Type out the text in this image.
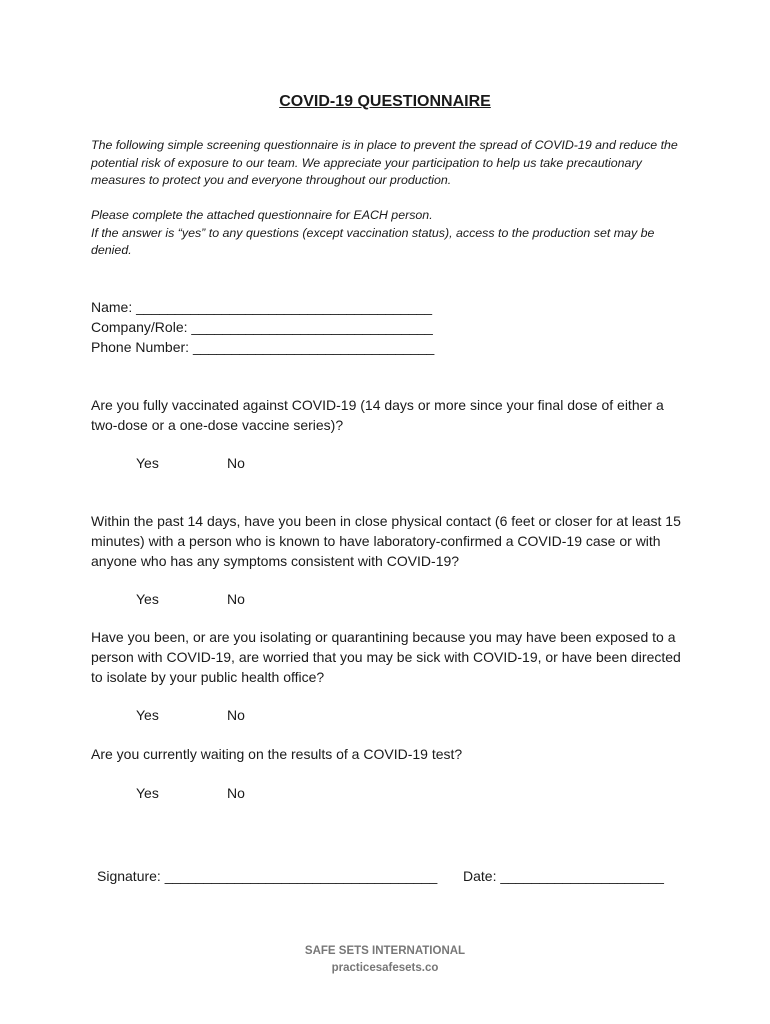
COVID-19 QUESTIONNAIRE

The following simple screening questionnaire is in place to prevent the spread of COVID-19 and reduce the potential risk of exposure to our team. We appreciate your participation to help us take precautionary measures to protect you and everyone throughout our production.

Please complete the attached questionnaire for EACH person.

If the answer is “yes” to any questions (except vaccination status), access to the production set may be denied.

Name: ______________________________________
Company/Role: _______________________________
Phone Number: _______________________________
Are you fully vaccinated against COVID-19 (14 days or more since your final dose of either a two-dose or a one-dose vaccine series)?
Yes	No
Within the past 14 days, have you been in close physical contact (6 feet or closer for at least 15 minutes) with a person who is known to have laboratory-confirmed a COVID-19 case or with anyone who has any symptoms consistent with COVID-19?
Yes	No
Have you been, or are you isolating or quarantining because you may have been exposed to a person with COVID-19, are worried that you may be sick with COVID-19, or have been directed to isolate by your public health office?
Yes	No
Are you currently waiting on the results of a COVID-19 test?
Yes	No
Signature: ___________________________________ Date: _____________________
SAFE SETS INTERNATIONAL
practicesafesets.co
